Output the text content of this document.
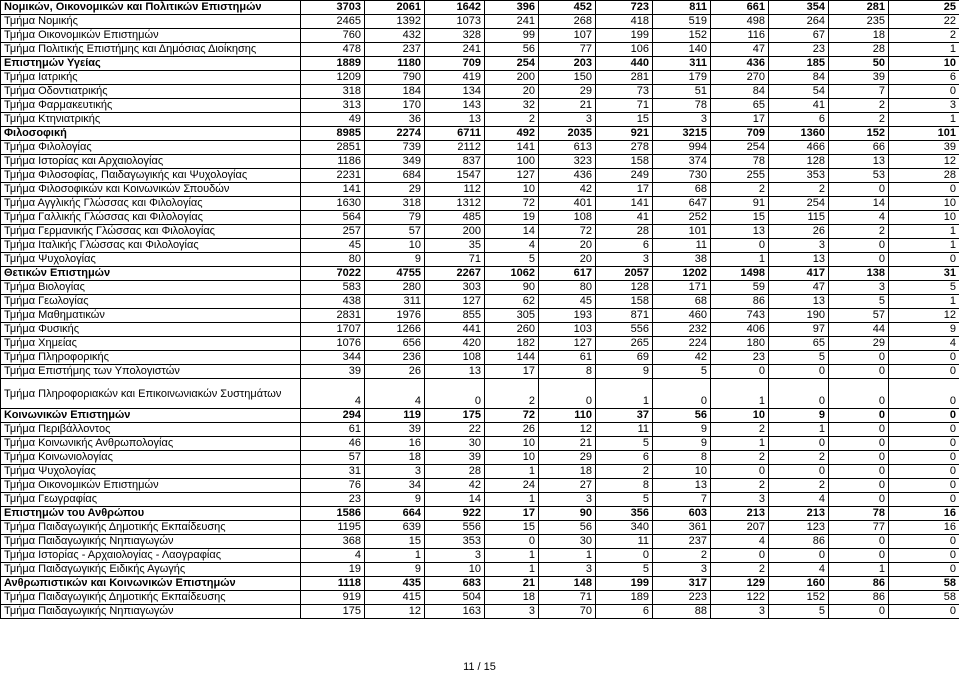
Νομικών, Οικονομικών και Πολιτικών Επιστημών	3703	2061	1642	396	452	723	811	661	354	281	25
Τμήμα Νομικής	2465	1392	1073	241	268	418	519	498	264	235	22
Τμήμα Οικονομικών Επιστημών	760	432	328	99	107	199	152	116	67	18	2
Τμήμα Πολιτικής Επιστήμης και Δημόσιας Διοίκησης	478	237	241	56	77	106	140	47	23	28	1
Επιστημών Υγείας	1889	1180	709	254	203	440	311	436	185	50	10
Τμήμα Ιατρικής	1209	790	419	200	150	281	179	270	84	39	6
Τμήμα Οδοντιατρικής	318	184	134	20	29	73	51	84	54	7	0
Τμήμα Φαρμακευτικής	313	170	143	32	21	71	78	65	41	2	3
Τμήμα Κτηνιατρικής	49	36	13	2	3	15	3	17	6	2	1
Φιλοσοφική	8985	2274	6711	492	2035	921	3215	709	1360	152	101
Τμήμα Φιλολογίας	2851	739	2112	141	613	278	994	254	466	66	39
Τμήμα Ιστορίας και Αρχαιολογίας	1186	349	837	100	323	158	374	78	128	13	12
Τμήμα Φιλοσοφίας, Παιδαγωγικής και Ψυχολογίας	2231	684	1547	127	436	249	730	255	353	53	28
Τμήμα Φιλοσοφικών και Κοινωνικών Σπουδών	141	29	112	10	42	17	68	2	2	0	0
Τμήμα Αγγλικής Γλώσσας και Φιλολογίας	1630	318	1312	72	401	141	647	91	254	14	10
Τμήμα Γαλλικής Γλώσσας και Φιλολογίας	564	79	485	19	108	41	252	15	115	4	10
Τμήμα Γερμανικής Γλώσσας και Φιλολογίας	257	57	200	14	72	28	101	13	26	2	1
Τμήμα Ιταλικής Γλώσσας και Φιλολογίας	45	10	35	4	20	6	11	0	3	0	1
Τμήμα Ψυχολογίας	80	9	71	5	20	3	38	1	13	0	0
Θετικών Επιστημών	7022	4755	2267	1062	617	2057	1202	1498	417	138	31
Τμήμα Βιολογίας	583	280	303	90	80	128	171	59	47	3	5
Τμήμα Γεωλογίας	438	311	127	62	45	158	68	86	13	5	1
Τμήμα Μαθηματικών	2831	1976	855	305	193	871	460	743	190	57	12
Τμήμα Φυσικής	1707	1266	441	260	103	556	232	406	97	44	9
Τμήμα Χημείας	1076	656	420	182	127	265	224	180	65	29	4
Τμήμα Πληροφορικής	344	236	108	144	61	69	42	23	5	0	0
Τμήμα Επιστήμης των Υπολογιστών	39	26	13	17	8	9	5	0	0	0	0
Τμήμα Πληροφοριακών και Επικοινωνιακών Συστημάτων	4	4	0	2	0	1	0	1	0	0	0
Κοινωνικών Επιστημών	294	119	175	72	110	37	56	10	9	0	0
Τμήμα Περιβάλλοντος	61	39	22	26	12	11	9	2	1	0	0
Τμήμα Κοινωνικής Ανθρωπολογίας	46	16	30	10	21	5	9	1	0	0	0
Τμήμα Κοινωνιολογίας	57	18	39	10	29	6	8	2	2	0	0
Τμήμα Ψυχολογίας	31	3	28	1	18	2	10	0	0	0	0
Τμήμα Οικονομικών Επιστημών	76	34	42	24	27	8	13	2	2	0	0
Τμήμα Γεωγραφίας	23	9	14	1	3	5	7	3	4	0	0
Επιστημών του Ανθρώπου	1586	664	922	17	90	356	603	213	213	78	16
Τμήμα Παιδαγωγικής Δημοτικής Εκπαίδευσης	1195	639	556	15	56	340	361	207	123	77	16
Τμήμα Παιδαγωγικής Νηπιαγωγών	368	15	353	0	30	11	237	4	86	0	0
Τμήμα Ιστορίας - Αρχαιολογίας - Λαογραφίας	4	1	3	1	1	0	2	0	0	0	0
Τμήμα Παιδαγωγικής Ειδικής Αγωγής	19	9	10	1	3	5	3	2	4	1	0
Ανθρωπιστικών και Κοινωνικών Επιστημών	1118	435	683	21	148	199	317	129	160	86	58
Τμήμα Παιδαγωγικής Δημοτικής Εκπαίδευσης	919	415	504	18	71	189	223	122	152	86	58
Τμήμα Παιδαγωγικής Νηπιαγωγών	175	12	163	3	70	6	88	3	5	0	0
11 / 15
